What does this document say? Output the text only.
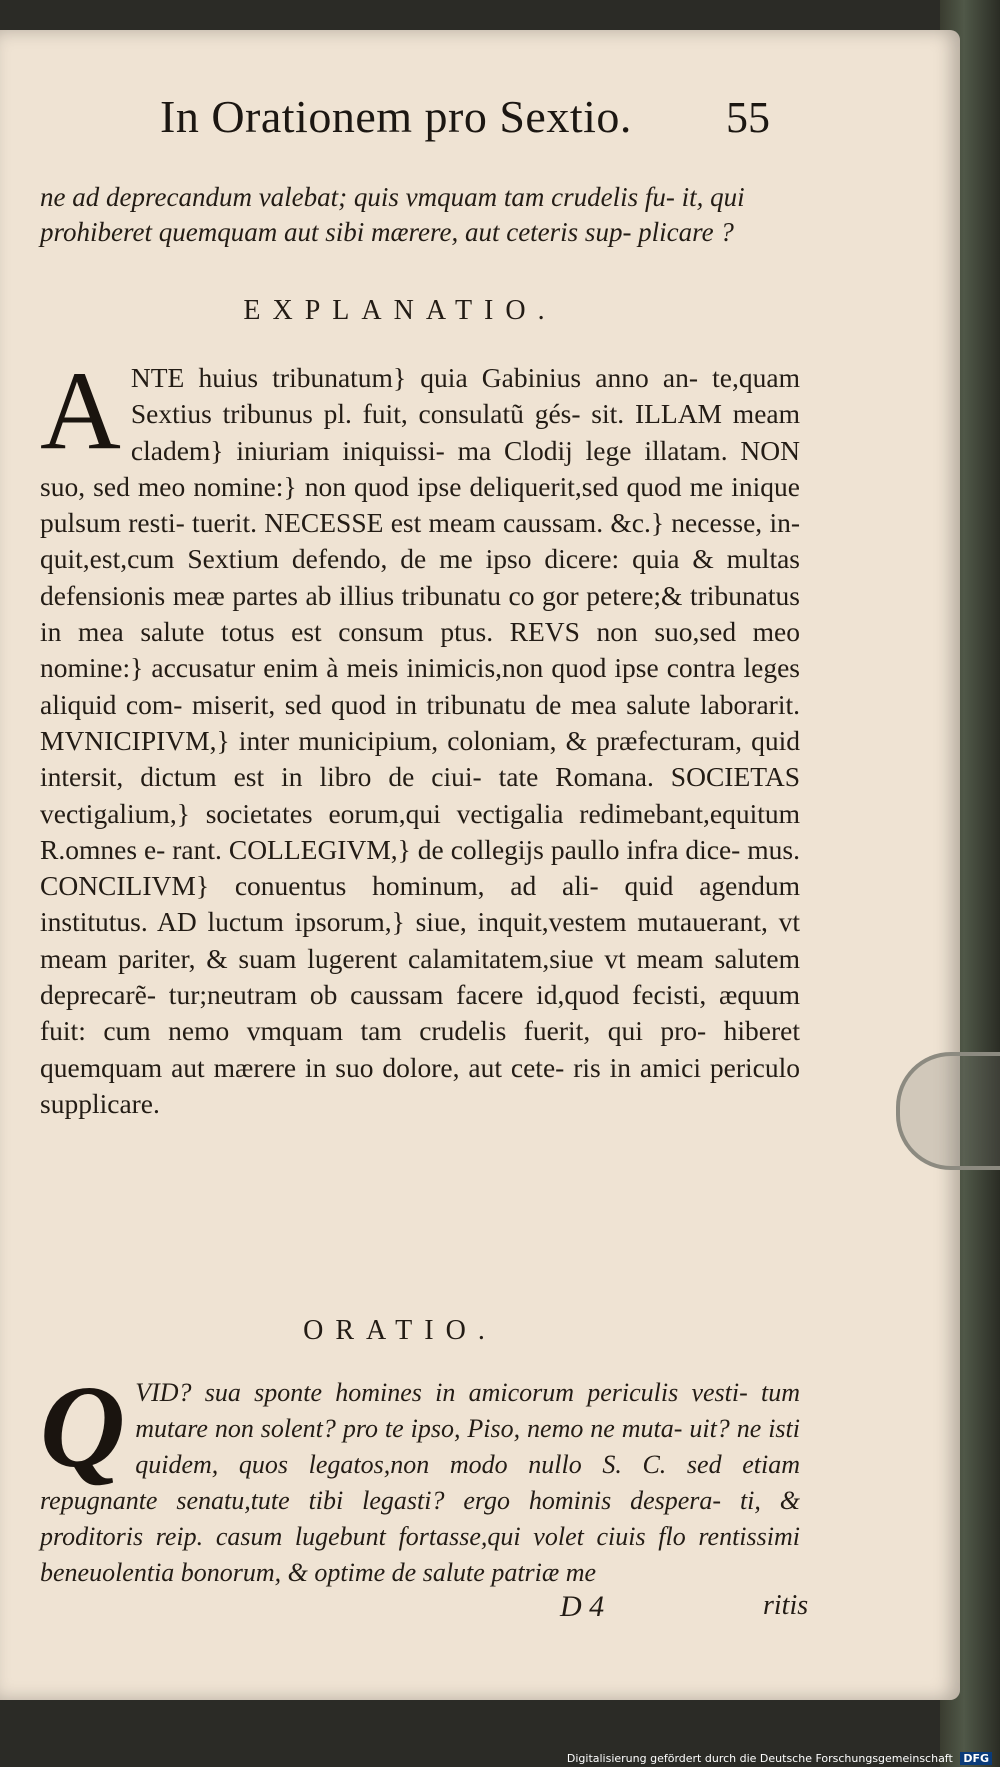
In Orationem pro Sextio.	55
ne ad deprecandum valebat; quis vmquam tam crudelis fu- it, qui prohiberet quemquam aut sibi mærere, aut ceteris sup- plicare ?
EXPLANATIO.
A NTE huius tribunatum} quia Gabinius anno an- te,quam Sextius tribunus pl. fuit, consulatũ gés- sit. ILLAM meam cladem} iniuriam iniquissi- ma Clodij lege illatam. NON suo, sed meo nomine:} non quod ipse deliquerit,sed quod me inique pulsum resti- tuerit. NECESSE est meam caussam. &c.} necesse, in- quit,est,cum Sextium defendo, de me ipso dicere: quia & multas defensionis meæ partes ab illius tribunatu co gor petere;& tribunatus in mea salute totus est consum ptus. REVS non suo,sed meo nomine:} accusatur enim à meis inimicis,non quod ipse contra leges aliquid com- miserit, sed quod in tribunatu de mea salute laborarit. MVNICIPIVM,} inter municipium, coloniam, & præfecturam, quid intersit, dictum est in libro de ciui- tate Romana. SOCIETAS vectigalium,} societates eorum,qui vectigalia redimebant,equitum R.omnes e- rant. COLLEGIVM,} de collegijs paullo infra dice- mus. CONCILIVM} conuentus hominum, ad ali- quid agendum institutus. AD luctum ipsorum,} siue, inquit,vestem mutauerant, vt meam pariter, & suam lugerent calamitatem,siue vt meam salutem deprecarẽ- tur;neutram ob caussam facere id,quod fecisti, æquum fuit: cum nemo vmquam tam crudelis fuerit, qui pro- hiberet quemquam aut mærere in suo dolore, aut cete- ris in amici periculo supplicare.
ORATIO.
Q VID? sua sponte homines in amicorum periculis vesti- tum mutare non solent? pro te ipso, Piso, nemo ne muta- uit? ne isti quidem, quos legatos,non modo nullo S. C. sed etiam repugnante senatu,tute tibi legasti? ergo hominis despera- ti, & proditoris reip. casum lugebunt fortasse,qui volet ciuis flo rentissimi beneuolentia bonorum, & optime de salute patriæ me
D 4	ritis
Digitalisierung gefördert durch die Deutsche Forschungsgemeinschaft DFG
